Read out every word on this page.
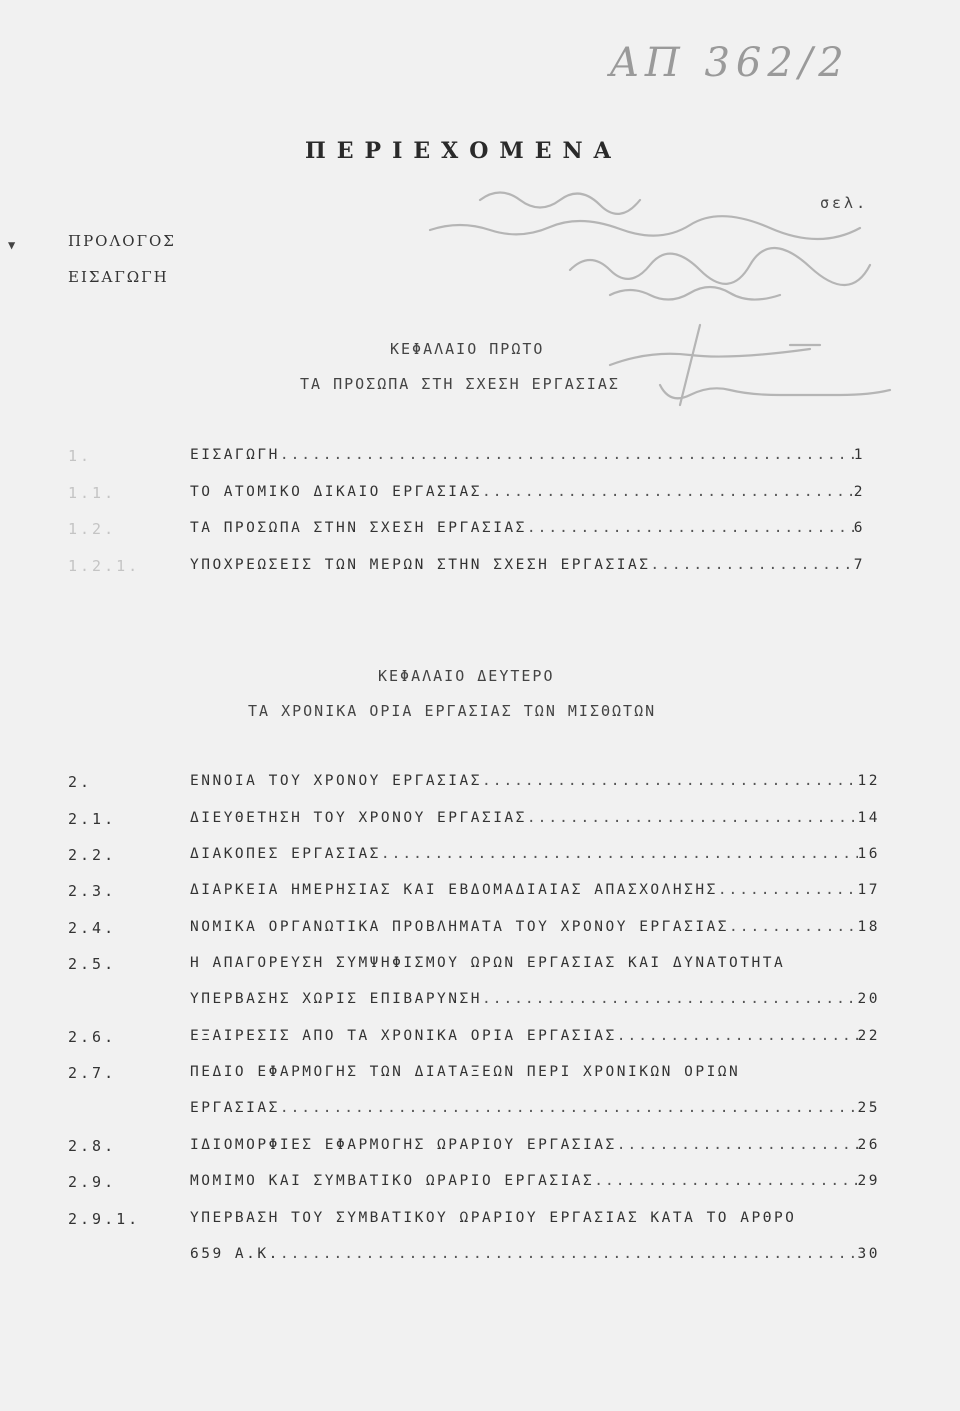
ΑΠ 362/2
ΠΕΡΙΕΧΟΜΕΝΑ
σελ.
▼	ΠΡΟΛΟΓΟΣ
ΕΙΣΑΓΩΓΗ
ΚΕΦΑΛΑΙΟ ΠΡΩΤΟ
ΤΑ ΠΡΟΣΩΠΑ ΣΤΗ ΣΧΕΣΗ ΕΡΓΑΣΙΑΣ
1.	ΕΙΣΑΓΩΓΗ .....	1
1.1.	ΤΟ ΑΤΟΜΙΚΟ ΔΙΚΑΙΟ ΕΡΓΑΣΙΑΣ .....	2
1.2.	ΤΑ ΠΡΟΣΩΠΑ ΣΤΗΝ ΣΧΕΣΗ ΕΡΓΑΣΙΑΣ .....	6
1.2.1.	ΥΠΟΧΡΕΩΣΕΙΣ ΤΩΝ ΜΕΡΩΝ ΣΤΗΝ ΣΧΕΣΗ ΕΡΓΑΣΙΑΣ .....	7
ΚΕΦΑΛΑΙΟ ΔΕΥΤΕΡΟ
ΤΑ ΧΡΟΝΙΚΑ ΟΡΙΑ ΕΡΓΑΣΙΑΣ ΤΩΝ ΜΙΣΘΩΤΩΝ
2.	ΕΝΝΟΙΑ ΤΟΥ ΧΡΟΝΟΥ ΕΡΓΑΣΙΑΣ .....	12
2.1.	ΔΙΕΥΘΕΤΗΣΗ ΤΟΥ ΧΡΟΝΟΥ ΕΡΓΑΣΙΑΣ .....	14
2.2.	ΔΙΑΚΟΠΕΣ ΕΡΓΑΣΙΑΣ .....	16
2.3.	ΔΙΑΡΚΕΙΑ ΗΜΕΡΗΣΙΑΣ ΚΑΙ ΕΒΔΟΜΑΔΙΑΙΑΣ ΑΠΑΣΧΟΛΗΣΗΣ .....	17
2.4.	ΝΟΜΙΚΑ ΟΡΓΑΝΩΤΙΚΑ ΠΡΟΒΛΗΜΑΤΑ ΤΟΥ ΧΡΟΝΟΥ ΕΡΓΑΣΙΑΣ .....	18
2.5.	Η ΑΠΑΓΟΡΕΥΣΗ ΣΥΜΨΗΦΙΣΜΟΥ ΩΡΩΝ ΕΡΓΑΣΙΑΣ ΚΑΙ ΔΥΝΑΤΟΤΗΤΑ
ΥΠΕΡΒΑΣΗΣ ΧΩΡΙΣ ΕΠΙΒΑΡΥΝΣΗ .....	20
2.6.	ΕΞΑΙΡΕΣΙΣ ΑΠΟ ΤΑ ΧΡΟΝΙΚΑ ΟΡΙΑ ΕΡΓΑΣΙΑΣ .....	22
2.7.	ΠΕΔΙΟ ΕΦΑΡΜΟΓΗΣ ΤΩΝ ΔΙΑΤΑΞΕΩΝ ΠΕΡΙ ΧΡΟΝΙΚΩΝ ΟΡΙΩΝ
ΕΡΓΑΣΙΑΣ .....	25
2.8.	ΙΔΙΟΜΟΡΦΙΕΣ ΕΦΑΡΜΟΓΗΣ ΩΡΑΡΙΟΥ ΕΡΓΑΣΙΑΣ .....	26
2.9.	ΜΟΜΙΜΟ ΚΑΙ ΣΥΜΒΑΤΙΚΟ ΩΡΑΡΙΟ ΕΡΓΑΣΙΑΣ .....	29
2.9.1.	ΥΠΕΡΒΑΣΗ ΤΟΥ ΣΥΜΒΑΤΙΚΟΥ ΩΡΑΡΙΟΥ ΕΡΓΑΣΙΑΣ ΚΑΤΑ ΤΟ ΑΡΘΡΟ
659 Α.Κ. .....	30
